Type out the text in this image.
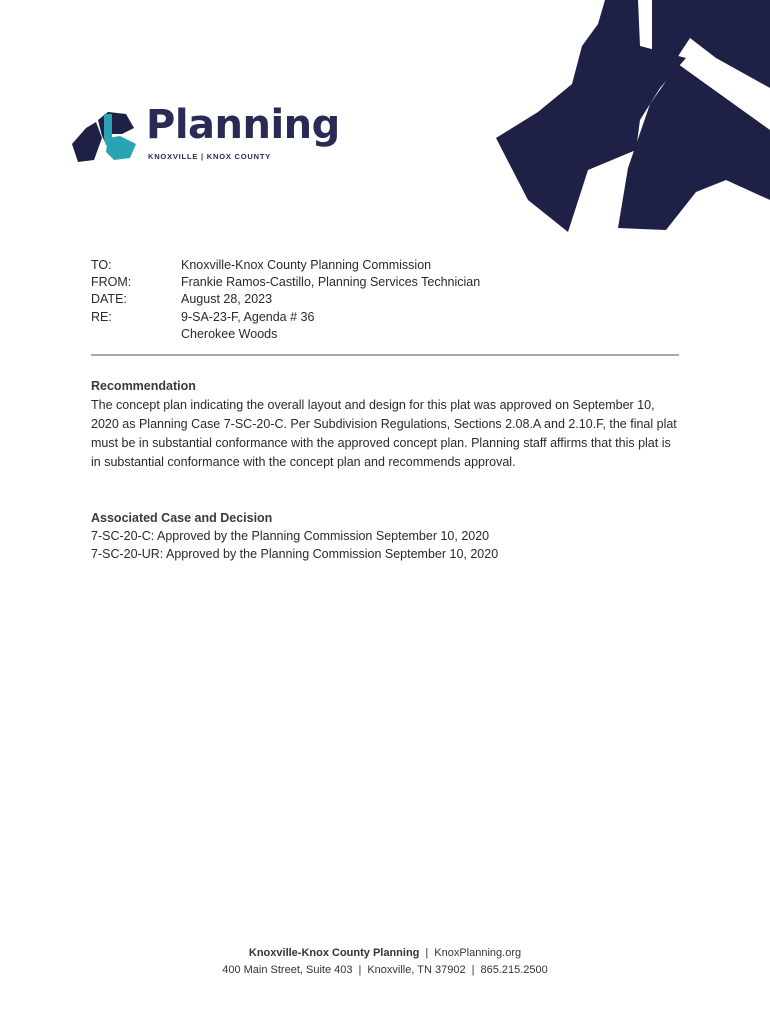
Planning
KNOXVILLE | KNOX COUNTY
TO:	Knoxville-Knox County Planning Commission
FROM:	Frankie Ramos-Castillo, Planning Services Technician
DATE:	August 28, 2023
RE:	9-SA-23-F, Agenda # 36
Cherokee Woods
Recommendation

The concept plan indicating the overall layout and design for this plat was approved on September 10, 2020 as Planning Case 7-SC-20-C. Per Subdivision Regulations, Sections 2.08.A and 2.10.F, the final plat must be in substantial conformance with the approved concept plan. Planning staff affirms that this plat is in substantial conformance with the concept plan and recommends approval.

Associated Case and Decision

7-SC-20-C: Approved by the Planning Commission September 10, 2020

7-SC-20-UR: Approved by the Planning Commission September 10, 2020

Knoxville-Knox County Planning | KnoxPlanning.org
400 Main Street, Suite 403 | Knoxville, TN 37902 | 865.215.2500
